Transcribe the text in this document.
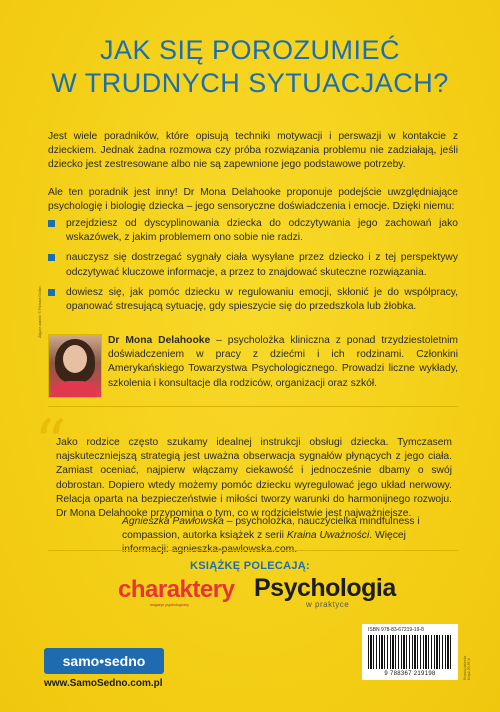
JAK SIĘ POROZUMIEĆ
W TRUDNYCH SYTUACJACH?

Jest wiele poradników, które opisują techniki motywacji i perswazji w kontakcie z dzieckiem. Jednak żadna rozmowa czy próba rozwiązania problemu nie zadziałają, jeśli dziecko jest zestresowane albo nie są zapewnione jego podstawowe potrzeby.

Ale ten poradnik jest inny! Dr Mona Delahooke proponuje podejście uwzględniające psychologię i biologię dziecka – jego sensoryczne doświadczenia i emocje. Dzięki niemu:

przejdziesz od dyscyplinowania dziecka do odczytywania jego zachowań jako wskazówek, z jakim problemem ono sobie nie radzi.
nauczysz się dostrzegać sygnały ciała wysyłane przez dziecko i z tej perspektywy odczytywać kluczowe informacje, a przez to znajdować skuteczne rozwiązania.
dowiesz się, jak pomóc dziecku w regulowaniu emocji, skłonić je do współpracy, opanować stresującą sytuację, gdy spieszycie się do przedszkola lub żłobka.
Zdjęcie autorki: © Richard Gollan

Dr Mona Delahooke – psycholożka kliniczna z ponad trzydziestoletnim doświadczeniem w pracy z dziećmi i ich rodzinami. Członkini Amerykańskiego Towarzystwa Psychologicznego. Prowadzi liczne wykłady, szkolenia i konsultacje dla rodziców, organizacji oraz szkół.

“

Jako rodzice często szukamy idealnej instrukcji obsługi dziecka. Tymczasem najskuteczniejszą strategią jest uważna obserwacja sygnałów płynących z jego ciała. Zamiast oceniać, najpierw włączamy ciekawość i jednocześnie dbamy o swój dobrostan. Dopiero wtedy możemy pomóc dziecku wyregulować jego układ nerwowy. Relacja oparta na bezpieczeństwie i miłości tworzy warunki do harmonijnego rozwoju. Dr Mona Delahooke przypomina o tym, co w rodzicielstwie jest najważniejsze.

Agnieszka Pawłowska – psycholożka, nauczycielka mindfulness i compassion, autorka książek z serii Kraina Uważności. Więcej informacji: agnieszka-pawlowska.com.

KSIĄŻKĘ POLECAJĄ:
charaktery
magazyn psychologiczny
Psychologia
w praktyce
samo•sedno
www.SamoSedno.com.pl
ISBN 978-83-67219-19-8
9 788367 219198	Rozwój dziecka
Krzyż 23,99 zł
